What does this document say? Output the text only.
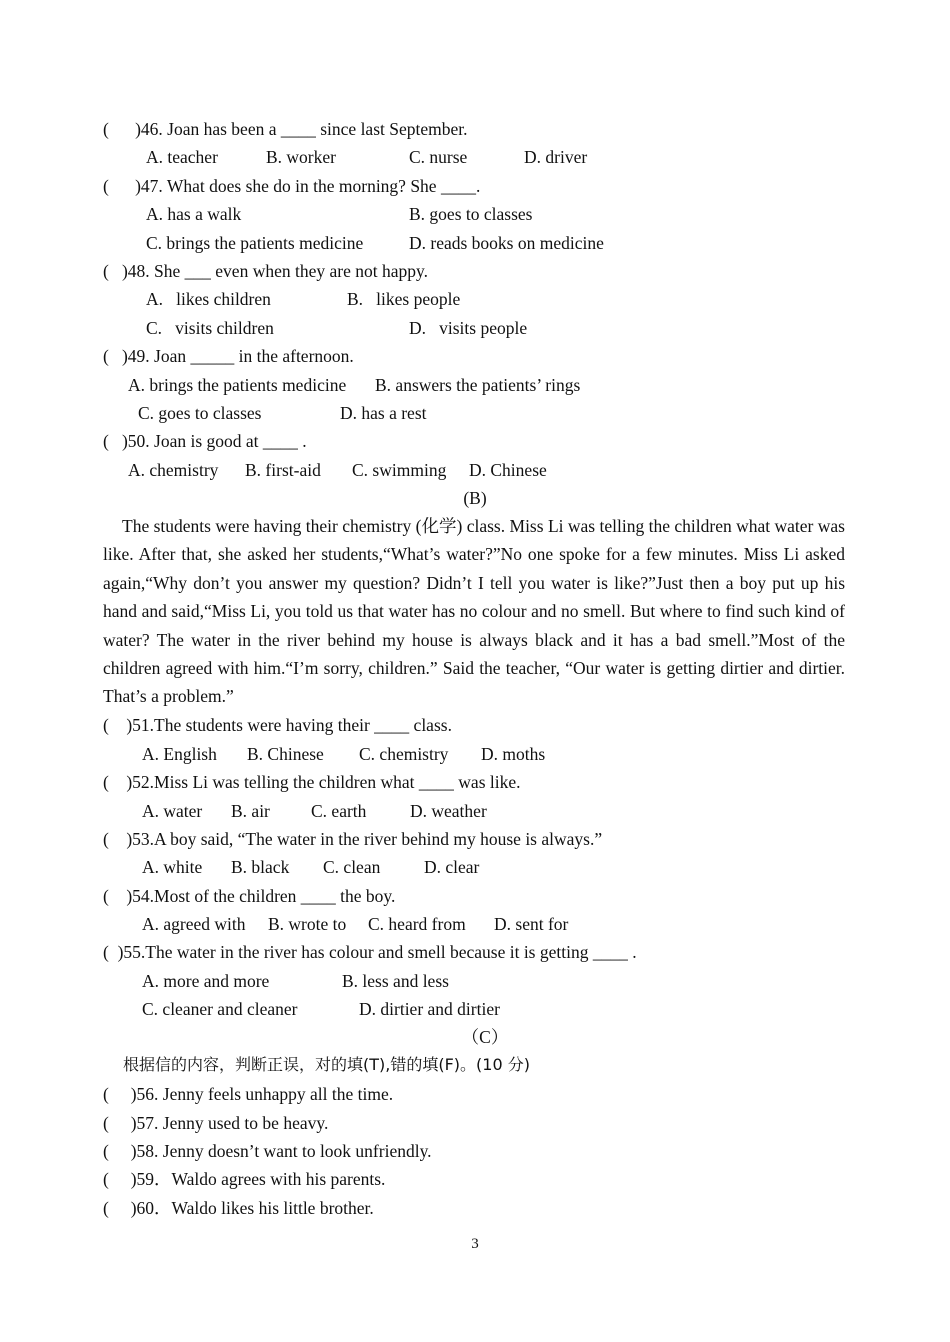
(      )46. Joan has been a ____ since last September.
A. teacher	B. worker	C. nurse	D. driver
(      )47. What does she do in the morning? She ____.
A. has a walk	B. goes to classes
C. brings the patients medicine	D. reads books on medicine
(   )48. She ___ even when they are not happy.
A.   likes children	B.   likes people
C.   visits children	D.   visits people
(   )49. Joan _____ in the afternoon.
A. brings the patients medicine B. answers the patients’ rings
C. goes to classes	D. has a rest
(   )50. Joan is good at ____ .
A. chemistry B. first-aid C. swimming D. Chinese
(B)
The students were having their chemistry (化学) class. Miss Li was telling the children what water was like. After that, she asked her students,“What’s water?”No one spoke for a few minutes. Miss Li asked again,“Why don’t you answer my question? Didn’t I tell you water is like?”Just then a boy put up his hand and said,“Miss Li, you told us that water has no colour and no smell. But where to find such kind of water? The water in the river behind my house is always black and it has a bad smell.”Most of the children agreed with him.“I’m sorry, children.” Said the teacher, “Our water is getting dirtier and dirtier. That’s a problem.”
(    )51.The students were having their ____ class.
A. English B. Chinese C. chemistry D. moths
(    )52.Miss Li was telling the children what ____ was like.
A. water B. air C. earth D. weather
(    )53.A boy said, “The water in the river behind my house is always.”
A. white B. black C. clean D. clear
(    )54.Most of the children ____ the boy.
A. agreed with B. wrote to C. heard from D. sent for
(  )55.The water in the river has colour and smell because it is getting ____ .
A. more and more	B. less and less
C. cleaner and cleaner	D. dirtier and dirtier
（C）
根据信的内容，判断正误，对的填(T),错的填(F)。(10 分)
(     )56. Jenny feels unhappy all the time.
(     )57. Jenny used to be heavy.
(     )58. Jenny doesn’t want to look unfriendly.
(     )59．Waldo agrees with his parents.
(     )60．Waldo likes his little brother.
3
